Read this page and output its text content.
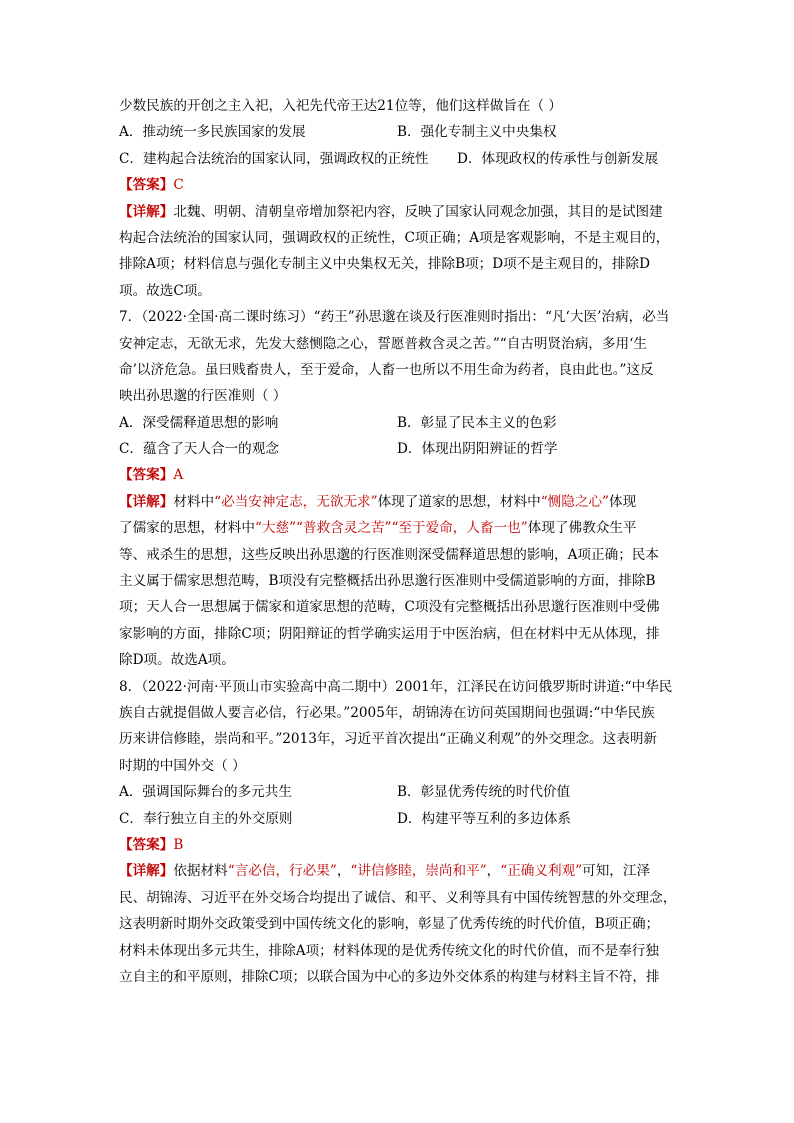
少数民族的开创之主入祀，入祀先代帝王达21位等，他们这样做旨在（ ）
A．推动统一多民族国家的发展	B．强化专制主义中央集权
C．建构起合法统治的国家认同，强调政权的正统性	D．体现政权的传承性与创新发展
【答案】C
【详解】北魏、明朝、清朝皇帝增加祭祀内容，反映了国家认同观念加强，其目的是试图建
构起合法统治的国家认同，强调政权的正统性，C项正确；A项是客观影响，不是主观目的，
排除A项；材料信息与强化专制主义中央集权无关，排除B项；D项不是主观目的，排除D
项。故选C项。
7．（2022·全国·高二课时练习）“药王”孙思邈在谈及行医准则时指出：“凡‘大医’治病，必当
安神定志，无欲无求，先发大慈恻隐之心，誓愿普救含灵之苦。”“自古明贤治病，多用‘生
命’以济危急。虽曰贱畜贵人，至于爱命，人畜一也所以不用生命为药者，良由此也。”这反
映出孙思邈的行医准则（ ）
A．深受儒释道思想的影响	B．彰显了民本主义的色彩
C．蕴含了天人合一的观念	D．体现出阴阳辨证的哲学
【答案】A
【详解】材料中“必当安神定志，无欲无求”体现了道家的思想，材料中“恻隐之心”体现
了儒家的思想，材料中“大慈”“普救含灵之苦”“至于爱命，人畜一也”体现了佛教众生平
等、戒杀生的思想，这些反映出孙思邈的行医准则深受儒释道思想的影响，A项正确；民本
主义属于儒家思想范畴，B项没有完整概括出孙思邈行医准则中受儒道影响的方面，排除B
项；天人合一思想属于儒家和道家思想的范畴，C项没有完整概括出孙思邈行医准则中受佛
家影响的方面，排除C项；阴阳辩证的哲学确实运用于中医治病，但在材料中无从体现，排
除D项。故选A项。
8．（2022·河南·平顶山市实验高中高二期中）2001年，江泽民在访问俄罗斯时讲道:“中华民
族自古就提倡做人要言必信，行必果。”2005年，胡锦涛在访问英国期间也强调:“中华民族
历来讲信修睦，崇尚和平。”2013年，习近平首次提出“正确义利观”的外交理念。这表明新
时期的中国外交（ ）
A．强调国际舞台的多元共生	B．彰显优秀传统的时代价值
C．奉行独立自主的外交原则	D．构建平等互利的多边体系
【答案】B
【详解】依据材料“言必信，行必果”，“讲信修睦，崇尚和平”，“正确义利观”可知，江泽
民、胡锦涛、习近平在外交场合均提出了诚信、和平、义利等具有中国传统智慧的外交理念，
这表明新时期外交政策受到中国传统文化的影响，彰显了优秀传统的时代价值，B项正确；
材料未体现出多元共生，排除A项；材料体现的是优秀传统文化的时代价值，而不是奉行独
立自主的和平原则，排除C项；以联合国为中心的多边外交体系的构建与材料主旨不符，排
